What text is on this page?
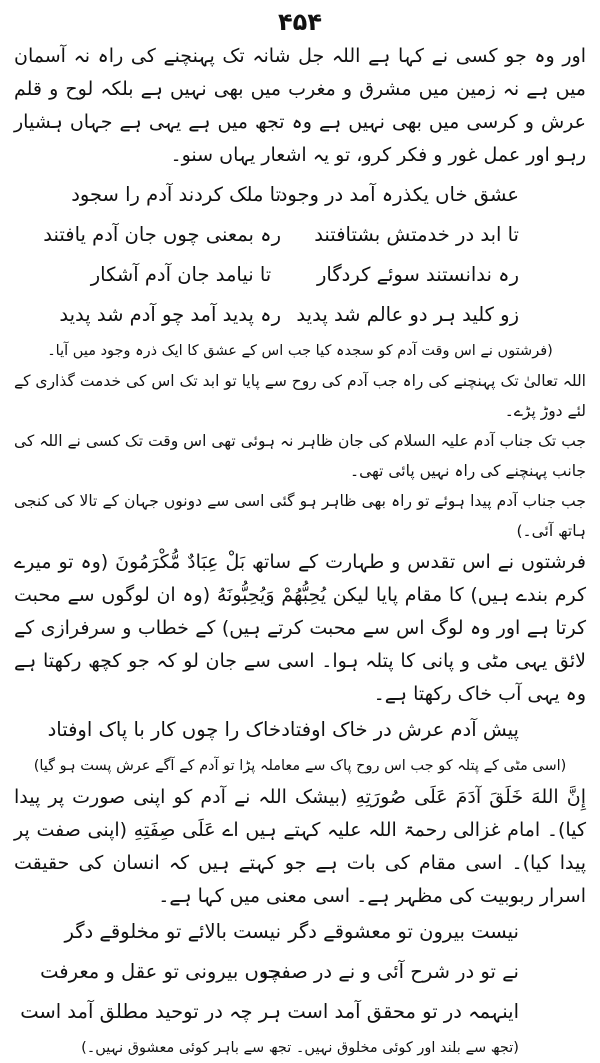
۴۵۴

اور وہ جو کسی نے کہا ہے اللہ جل شانہ تک پہنچنے کی راہ نہ آسمان میں ہے نہ زمین میں مشرق و مغرب میں بھی نہیں ہے بلکہ لوح و قلم عرش و کرسی میں بھی نہیں ہے وہ تجھ میں ہے یہی ہے جہاں ہشیار رہو اور عمل غور و فکر کرو، تو یہ اشعار یہاں سنو۔

عشق خاں یکذرہ آمد در وجود
تا ملک کردند آدم را سجود
تا ابد در خدمتش بشتافتند
رہ بمعنی چوں جان آدم یافتند
رہ ندانستند سوئے کردگار
تا نیامد جان آدم آشکار
زو کلید ہر دو عالم شد پدید
رہ پدید آمد چو آدم شد پدید
(فرشتوں نے اس وقت آدم کو سجدہ کیا جب اس کے عشق کا ایک ذرہ وجود میں آیا۔

اللہ تعالیٰ تک پہنچنے کی راہ جب آدم کی روح سے پایا تو ابد تک اس کی خدمت گذاری کے لئے دوڑ پڑے۔

جب تک جناب آدم علیہ السلام کی جان ظاہر نہ ہوئی تھی اس وقت تک کسی نے اللہ کی جانب پہنچنے کی راہ نہیں پائی تھی۔

جب جناب آدم پیدا ہوئے تو راہ بھی ظاہر ہو گئی اسی سے دونوں جہان کے تالا کی کنجی ہاتھ آئی۔)

فرشتوں نے اس تقدس و طہارت کے ساتھ بَلْ عِبَادٌ مُّكْرَمُونَ (وہ تو میرے کرم بندے ہیں) کا مقام پایا لیکن يُحِبُّهُمْ وَيُحِبُّونَهُ (وہ ان لوگوں سے محبت کرتا ہے اور وہ لوگ اس سے محبت کرتے ہیں) کے خطاب و سرفرازی کے لائق یہی مٹی و پانی کا پتلہ ہوا۔ اسی سے جان لو کہ جو کچھ رکھتا ہے وہ یہی آب خاک رکھتا ہے۔

پیش آدم عرش در خاک اوفتاد
خاک را چوں کار با پاک اوفتاد
(اسی مٹی کے پتلہ کو جب اس روح پاک سے معاملہ پڑا تو آدم کے آگے عرش پست ہو گیا)

إِنَّ اللهَ خَلَقَ آدَمَ عَلَى صُورَتِهِ (بیشک اللہ نے آدم کو اپنی صورت پر پیدا کیا)۔ امام غزالی رحمۃ اللہ علیہ کہتے ہیں اے عَلَى صِفَتِهِ (اپنی صفت پر پیدا کیا)۔ اسی مقام کی بات ہے جو کہتے ہیں کہ انسان کی حقیقت اسرار ربوبیت کی مظہر ہے۔ اسی معنی میں کہا ہے۔

نیست بیرون تو معشوقے دگر
نیست بالائے تو مخلوقے دگر
نے تو در شرح آئی و نے در صفت
چوں بیرونی تو عقل و معرفت
اینہمہ در تو محقق آمد است
ہر چہ در توحید مطلق آمد است
(تجھ سے بلند اور کوئی مخلوق نہیں۔ تجھ سے باہر کوئی معشوق نہیں۔)
